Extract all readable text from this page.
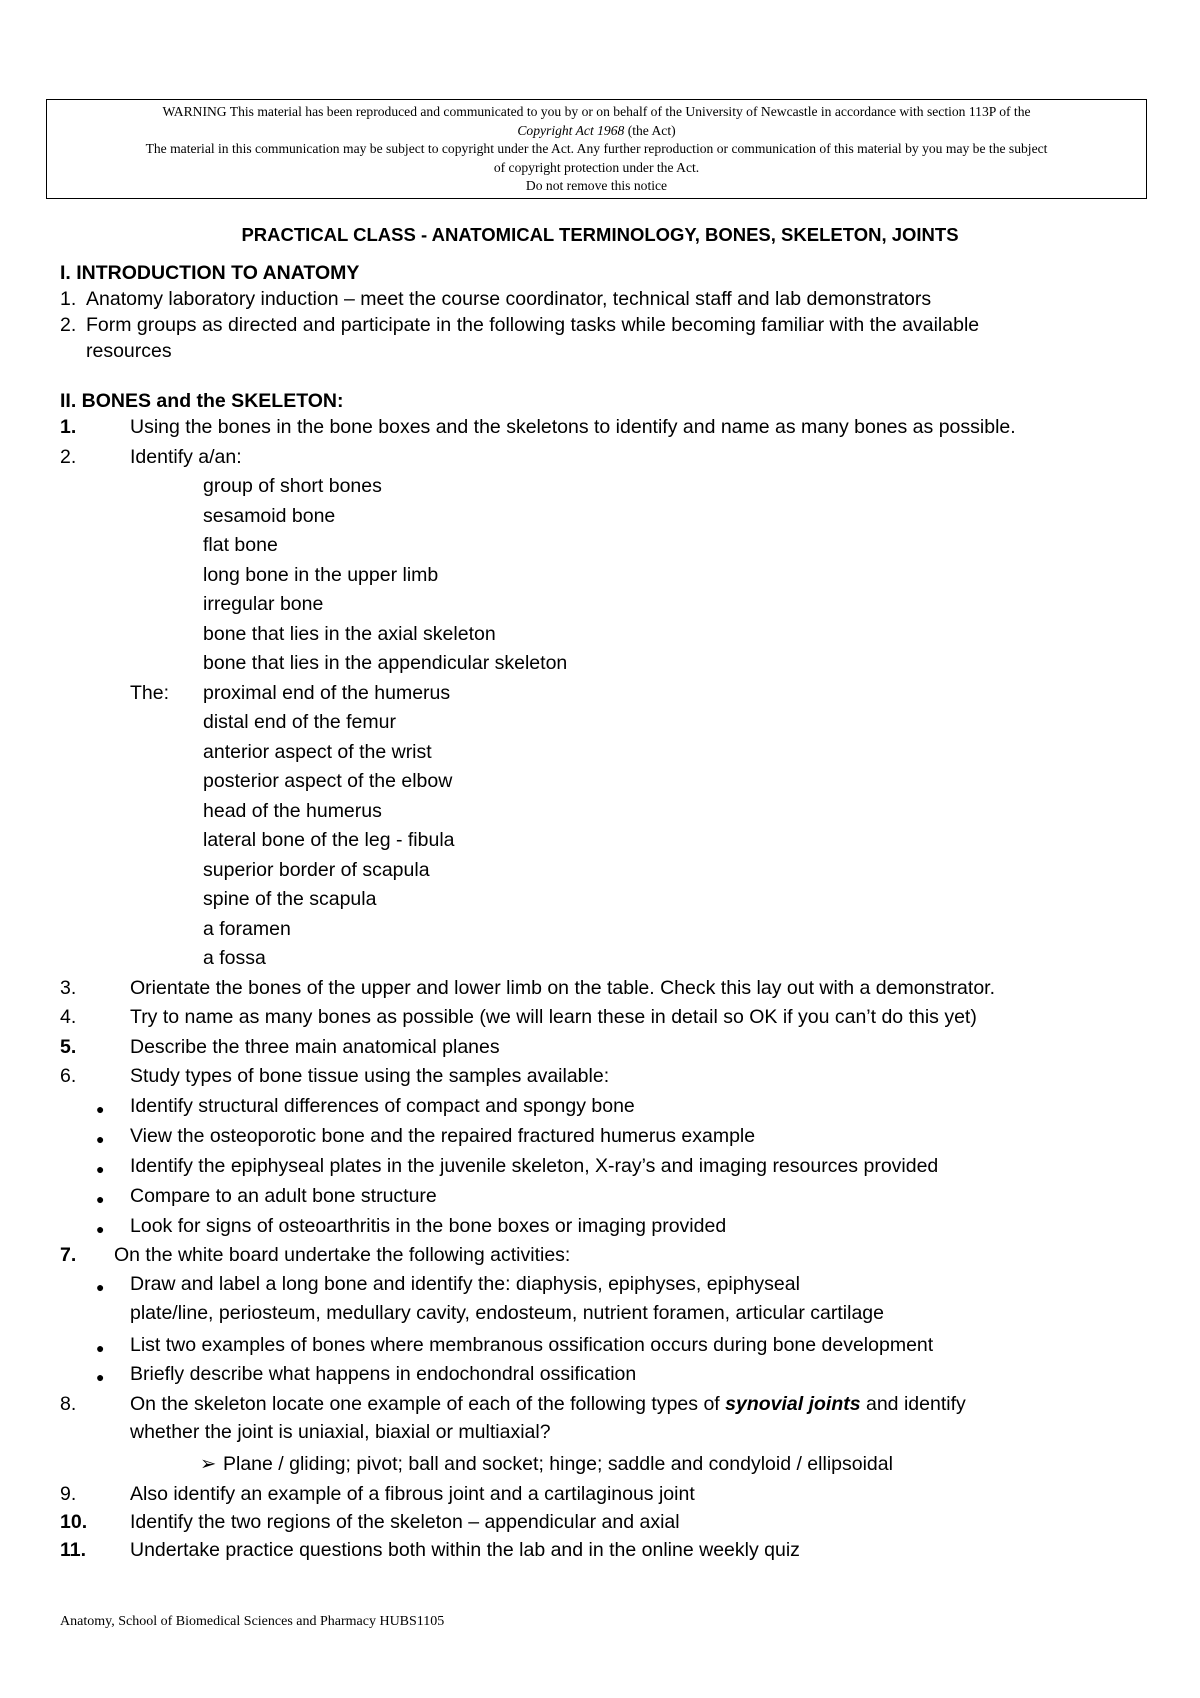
WARNING This material has been reproduced and communicated to you by or on behalf of the University of Newcastle in accordance with section 113P of the
Copyright Act 1968 (the Act)
The material in this communication may be subject to copyright under the Act. Any further reproduction or communication of this material by you may be the subject
of copyright protection under the Act.
Do not remove this notice
PRACTICAL CLASS - ANATOMICAL TERMINOLOGY, BONES, SKELETON, JOINTS
I. INTRODUCTION TO ANATOMY
1. Anatomy laboratory induction – meet the course coordinator, technical staff and lab demonstrators
2. Form groups as directed and participate in the following tasks while becoming familiar with the available
resources
II. BONES and the SKELETON:
1.	Using the bones in the bone boxes and the skeletons to identify and name as many bones as possible.
2.	Identify a/an:
group of short bones
sesamoid bone
flat bone
long bone in the upper limb
irregular bone
bone that lies in the axial skeleton
bone that lies in the appendicular skeleton
The: proximal end of the humerus
distal end of the femur
anterior aspect of the wrist
posterior aspect of the elbow
head of the humerus
lateral bone of the leg - fibula
superior border of scapula
spine of the scapula
a foramen
a fossa
3.	Orientate the bones of the upper and lower limb on the table. Check this lay out with a demonstrator.
4.	Try to name as many bones as possible (we will learn these in detail so OK if you can’t do this yet)
5.	Describe the three main anatomical planes
6.	Study types of bone tissue using the samples available:
● Identify structural differences of compact and spongy bone
● View the osteoporotic bone and the repaired fractured humerus example
● Identify the epiphyseal plates in the juvenile skeleton, X-ray’s and imaging resources provided
● Compare to an adult bone structure
● Look for signs of osteoarthritis in the bone boxes or imaging provided
7. On the white board undertake the following activities:
● Draw and label a long bone and identify the: diaphysis, epiphyses, epiphyseal
plate/line, periosteum, medullary cavity, endosteum, nutrient foramen, articular cartilage
● List two examples of bones where membranous ossification occurs during bone development
● Briefly describe what happens in endochondral ossification
8.	On the skeleton locate one example of each of the following types of synovial joints and identify
whether the joint is uniaxial, biaxial or multiaxial?
➢ Plane / gliding; pivot; ball and socket; hinge; saddle and condyloid / ellipsoidal
9.	Also identify an example of a fibrous joint and a cartilaginous joint
10. Identify the two regions of the skeleton – appendicular and axial
11. Undertake practice questions both within the lab and in the online weekly quiz
Anatomy, School of Biomedical Sciences and Pharmacy HUBS1105
